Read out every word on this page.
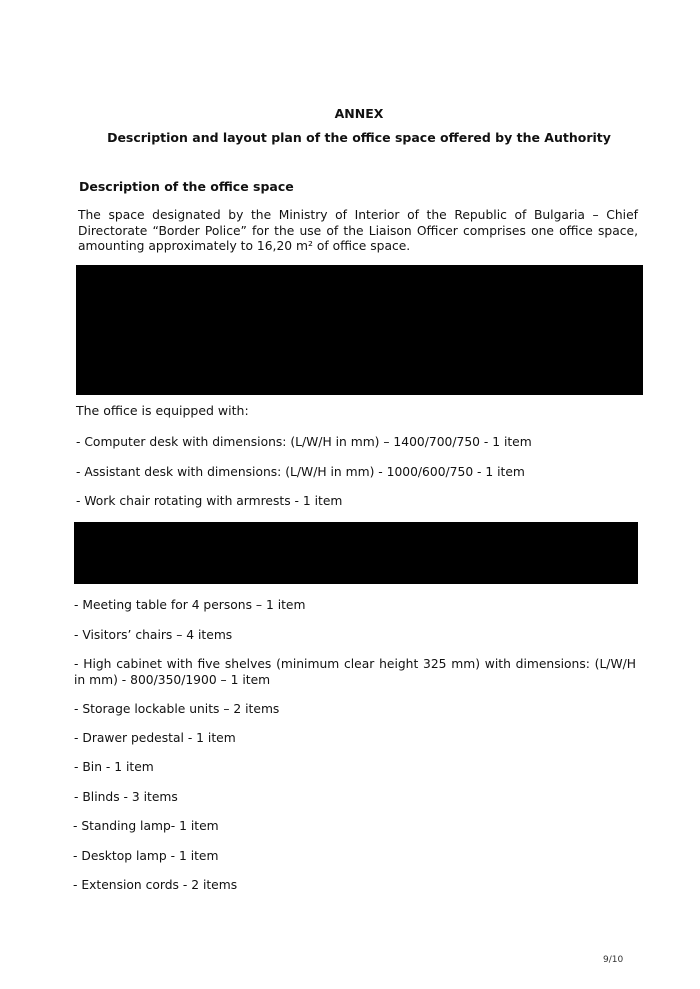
ANNEX
Description and layout plan of the office space offered by the Authority
Description of the office space
The space designated by the Ministry of Interior of the Republic of Bulgaria – Chief Directorate “Border Police” for the use of the Liaison Officer comprises one office space, amounting approximately to 16,20 m² of office space.
The office is equipped with:
- Computer desk with dimensions: (L/W/H in mm) – 1400/700/750 - 1 item
- Assistant desk with dimensions: (L/W/H in mm) - 1000/600/750 - 1 item
- Work chair rotating with armrests - 1 item
- Meeting table for 4 persons – 1 item
- Visitors’ chairs – 4 items
- High cabinet with five shelves (minimum clear height 325 mm) with dimensions: (L/W/H in mm) - 800/350/1900 – 1 item
- Storage lockable units – 2 items
- Drawer pedestal - 1 item
- Bin - 1 item
- Blinds - 3 items
- Standing lamp- 1 item
- Desktop lamp - 1 item
- Extension cords - 2 items
9/10
